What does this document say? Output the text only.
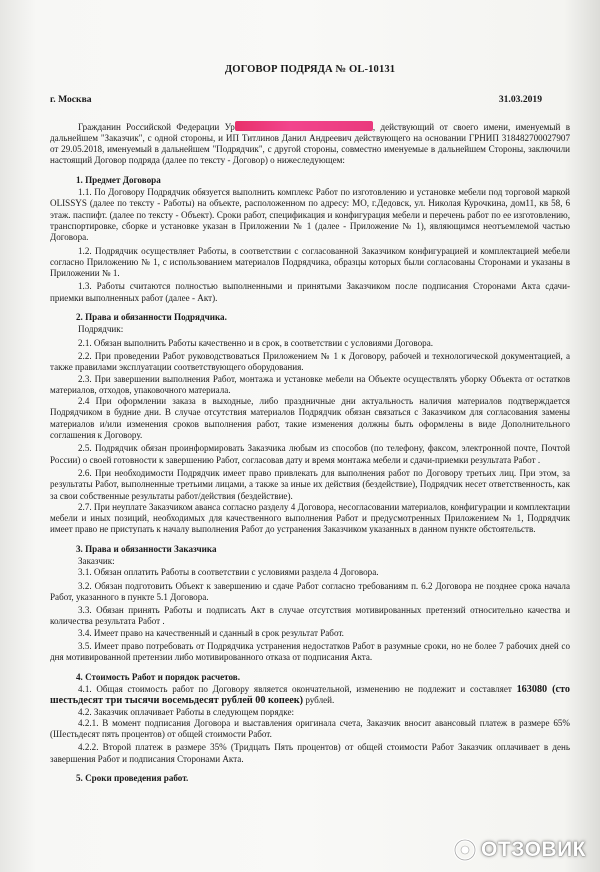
ДОГОВОР ПОДРЯДА № OL-10131
г. Москва	31.03.2019

Гражданин Российской Федерации Ур	, действующий от своего имени, именуемый в дальнейшем "Заказчик", с одной стороны, и ИП Титлинов Данил Андреевич действующего на основании ГРНИП 318482700027907 от 29.05.2018, именуемый в дальнейшем "Подрядчик", с другой стороны, совместно именуемые в дальнейшем Стороны, заключили настоящий Договор подряда (далее по тексту - Договор) о нижеследующем:

1. Предмет Договора

1.1. По Договору Подрядчик обязуется выполнить комплекс Работ по изготовлению и установке мебели под торговой маркой OLISSYS (далее по тексту - Работы) на объекте, расположенном по адресу: МО, г.Дедовск, ул. Николая Курочкина, дом11, кв 58, 6 этаж. паспифт. (далее по тексту - Объект). Сроки работ, спецификация и конфигурация мебели и перечень работ по ее изготовлению, транспортировке, сборке и установке указан в Приложении № 1 (далее - Приложение № 1), являющимся неотъемлемой частью Договора.

1.2. Подрядчик осуществляет Работы, в соответствии с согласованной Заказчиком конфигурацией и комплектацией мебели согласно Приложению № 1, с использованием материалов Подрядчика, образцы которых были согласованы Сторонами и указаны в Приложении № 1.

1.3. Работы считаются полностью выполненными и принятыми Заказчиком после подписания Сторонами Акта сдачи-приемки выполненных работ (далее - Акт).

2. Права и обязанности Подрядчика.
Подрядчик:

2.1. Обязан выполнить Работы качественно и в срок, в соответствии с условиями Договора.

2.2. При проведении Работ руководствоваться Приложением № 1 к Договору, рабочей и технологической документацией, а также правилами эксплуатации соответствующего оборудования.

2.3. При завершении выполнения Работ, монтажа и установке мебели на Объекте осуществлять уборку Объекта от остатков материалов, отходов, упаковочного материала.

2.4 При оформлении заказа в выходные, либо праздничные дни актуальность наличия материалов подтверждается Подрядчиком в будние дни. В случае отсутствия материалов Подрядчик обязан связаться с Заказчиком для согласования замены материалов и/или изменения сроков выполнения работ, такие изменения должны быть оформлены в виде Дополнительного соглашения к Договору.

2.5. Подрядчик обязан проинформировать Заказчика любым из способов (по телефону, факсом, электронной почте, Почтой России) о своей готовности к завершению Работ, согласовав дату и время монтажа мебели и сдачи-приемки результата Работ .

2.6. При необходимости Подрядчик имеет право привлекать для выполнения работ по Договору третьих лиц. При этом, за результаты Работ, выполненные третьими лицами, а также за иные их действия (бездействие), Подрядчик несет ответственность, как за свои собственные результаты работ/действия (бездействие).

2.7. При неуплате Заказчиком аванса согласно разделу 4 Договора, несогласовании материалов, конфигурации и комплектации мебели и иных позиций, необходимых для качественного выполнения Работ и предусмотренных Приложением № 1, Подрядчик имеет право не приступать к началу выполнения Работ до устранения Заказчиком указанных в данном пункте обстоятельств.

3. Права и обязанности Заказчика
Заказчик:

3.1. Обязан оплатить Работы в соответствии с условиями раздела 4 Договора.

3.2. Обязан подготовить Объект к завершению и сдаче Работ согласно требованиям п. 6.2 Договора не позднее срока начала Работ, указанного в пункте 5.1 Договора.

3.3. Обязан принять Работы и подписать Акт в случае отсутствия мотивированных претензий относительно качества и количества результата Работ .

3.4. Имеет право на качественный и сданный в срок результат Работ.

3.5. Имеет право потребовать от Подрядчика устранения недостатков Работ в разумные сроки, но не более 7 рабочих дней со дня мотивированной претензии либо мотивированного отказа от подписания Акта.

4. Стоимость Работ и порядок расчетов.

4.1. Общая стоимость работ по Договору является окончательной, изменению не подлежит и составляет 163080 (сто шестьдесят три тысячи восемьдесят рублей 00 копеек) рублей.

4.2. Заказчик оплачивает Работы в следующем порядке:

4.2.1. В момент подписания Договора и выставления оригинала счета, Заказчик вносит авансовый платеж в размере 65% (Шестьдесят пять процентов) от общей стоимости Работ.

4.2.2. Второй платеж в размере 35% (Тридцать Пять процентов) от общей стоимости Работ Заказчик оплачивает в день завершения Работ и подписания Сторонами Акта.

5. Сроки проведения работ.
ОТЗОВИК
